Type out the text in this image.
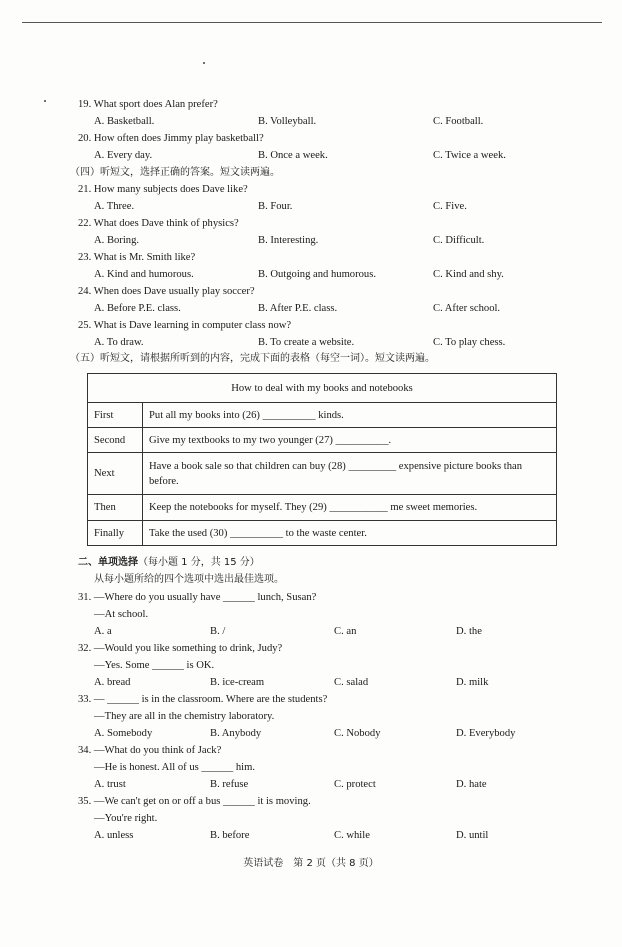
19. What sport does Alan prefer?
A. Basketball.	B. Volleyball.	C. Football.
20. How often does Jimmy play basketball?
A. Every day.	B. Once a week.	C. Twice a week.
（四）听短文，选择正确的答案。短文读两遍。
21. How many subjects does Dave like?
A. Three.	B. Four.	C. Five.
22. What does Dave think of physics?
A. Boring.	B. Interesting.	C. Difficult.
23. What is Mr. Smith like?
A. Kind and humorous.	B. Outgoing and humorous.	C. Kind and shy.
24. When does Dave usually play soccer?
A. Before P.E. class.	B. After P.E. class.	C. After school.
25. What is Dave learning in computer class now?
A. To draw.	B. To create a website.	C. To play chess.
（五）听短文，请根据所听到的内容，完成下面的表格（每空一词）。短文读两遍。
How to deal with my books and notebooks	
First	Put all my books into (26) __________ kinds.
Second	Give my textbooks to my two younger (27) __________.
Next	Have a book sale so that children can buy (28) _________ expensive picture books than before.
Then	Keep the notebooks for myself. They (29) ___________ me sweet memories.
Finally	Take the used (30) __________ to the waste center.
二、单项选择（每小题 1 分，共 15 分）
从每小题所给的四个选项中选出最佳选项。
31. —Where do you usually have ______ lunch, Susan?
—At school.
A. a	B. /	C. an	D. the
32. —Would you like something to drink, Judy?
—Yes. Some ______ is OK.
A. bread	B. ice-cream	C. salad	D. milk
33. — ______ is in the classroom. Where are the students?
—They are all in the chemistry laboratory.
A. Somebody	B. Anybody	C. Nobody	D. Everybody
34. —What do you think of Jack?
—He is honest. All of us ______ him.
A. trust	B. refuse	C. protect	D. hate
35. —We can't get on or off a bus ______ it is moving.
—You're right.
A. unless	B. before	C. while	D. until
英语试卷　第 2 页（共 8 页）
